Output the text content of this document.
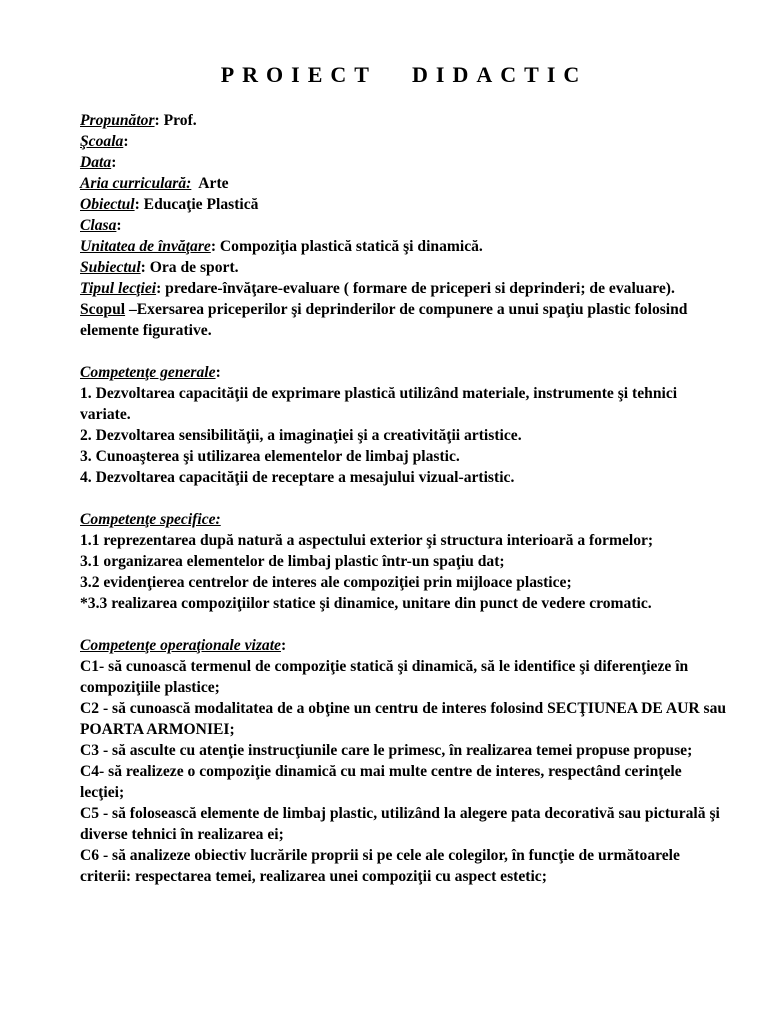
PROIECT DIDACTIC

Propunător: Prof.

Şcoala:

Data:

Aria curriculară: Arte

Obiectul: Educaţie Plastică

Clasa:

Unitatea de învăţare: Compoziţia plastică statică şi dinamică.

Subiectul: Ora de sport.

Tipul lecţiei: predare-învăţare-evaluare ( formare de priceperi si deprinderi; de evaluare).

Scopul –Exersarea priceperilor şi deprinderilor de compunere a unui spaţiu plastic folosind elemente figurative.

Competenţe generale:

1. Dezvoltarea capacităţii de exprimare plastică utilizând materiale, instrumente şi tehnici variate.

2. Dezvoltarea sensibilităţii, a imaginaţiei şi a creativităţii artistice.

3. Cunoaşterea şi utilizarea elementelor de limbaj plastic.

4. Dezvoltarea capacităţii de receptare a mesajului vizual-artistic.

Competenţe specifice:

1.1 reprezentarea după natură a aspectului exterior şi structura interioară a formelor;

3.1 organizarea elementelor de limbaj plastic într-un spaţiu dat;

3.2 evidenţierea centrelor de interes ale compoziţiei prin mijloace plastice;

*3.3 realizarea compoziţiilor statice şi dinamice, unitare din punct de vedere cromatic.

Competenţe operaţionale vizate:

C1- să cunoască termenul de compoziţie statică şi dinamică, să le identifice şi diferenţieze în compoziţiile plastice;

C2 - să cunoască modalitatea de a obţine un centru de interes folosind SECŢIUNEA DE AUR sau POARTA ARMONIEI;

C3 - să asculte cu atenţie instrucţiunile care le primesc, în realizarea temei propuse propuse;

C4- să realizeze o compoziţie dinamică cu mai multe centre de interes, respectând cerinţele lecţiei;

C5 - să folosească elemente de limbaj plastic, utilizând la alegere pata decorativă sau picturală şi diverse tehnici în realizarea ei;

C6 - să analizeze obiectiv lucrările proprii si pe cele ale colegilor, în funcţie de următoarele criterii: respectarea temei, realizarea unei compoziţii cu aspect estetic;
